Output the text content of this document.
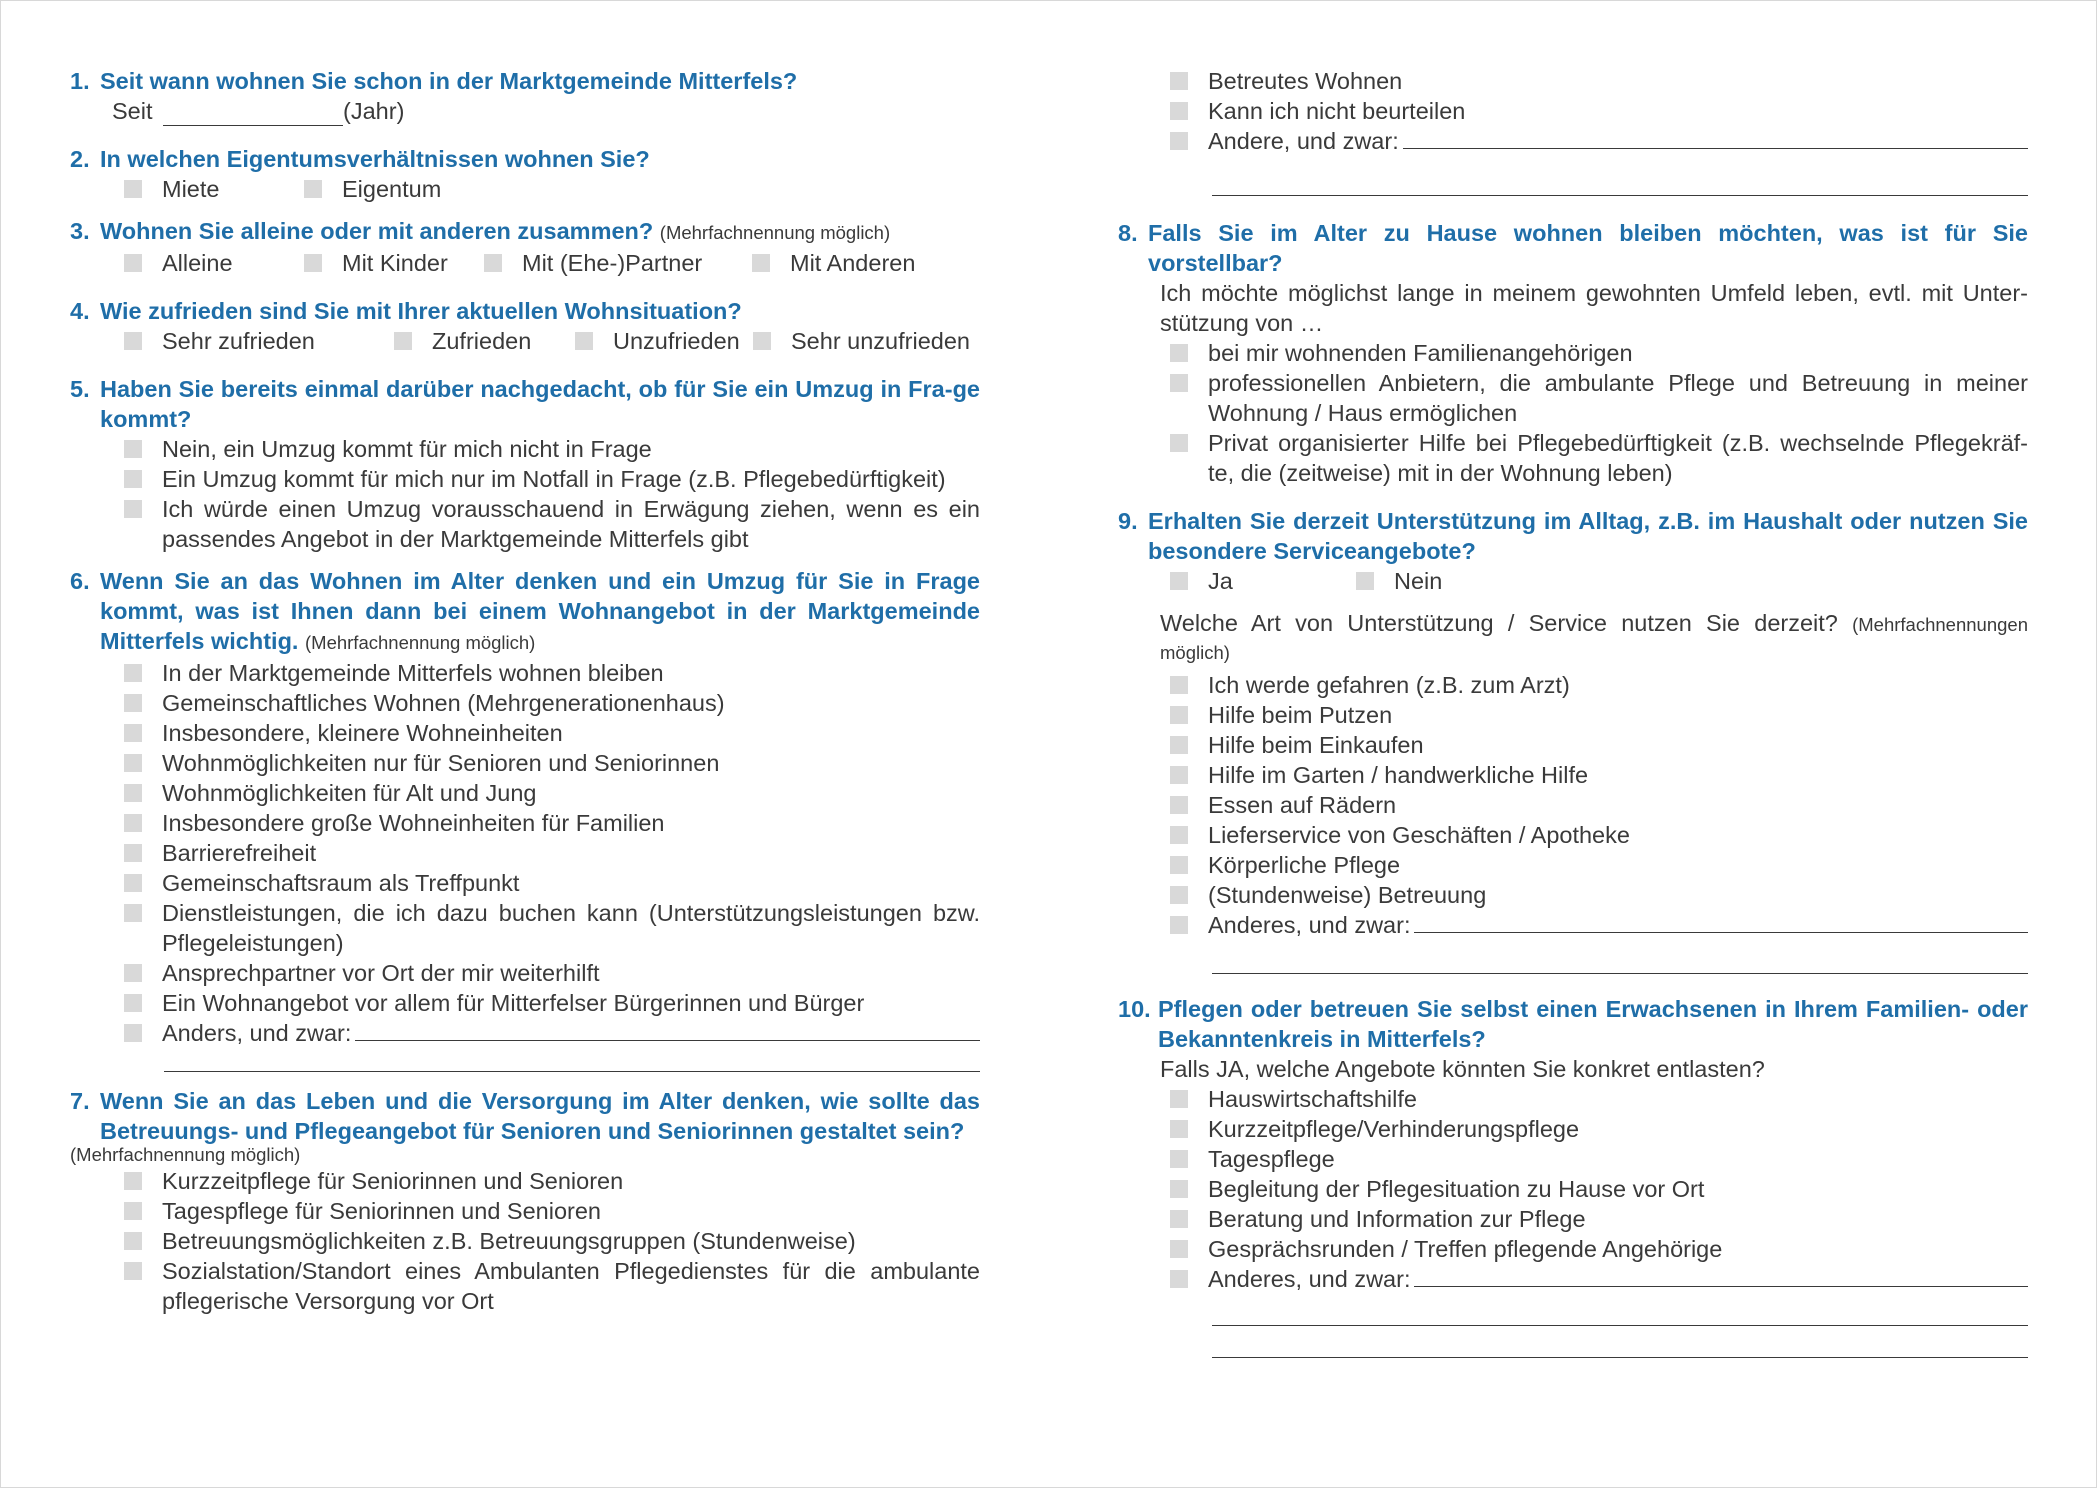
1. Seit wann wohnen Sie schon in der Marktgemeinde Mitterfels?
Seit	(Jahr)
2. In welchen Eigentumsverhältnissen wohnen Sie?
Miete	Eigentum
3. Wohnen Sie alleine oder mit anderen zusammen? (Mehrfachnennung möglich)
Alleine	Mit Kinder	Mit (Ehe-)Partner	Mit Anderen
4. Wie zufrieden sind Sie mit Ihrer aktuellen Wohnsituation?
Sehr zufrieden	Zufrieden	Unzufrieden Sehr unzufrieden
5. Haben Sie bereits einmal darüber nachgedacht, ob für Sie ein Umzug in Fra-ge kommt?
Nein, ein Umzug kommt für mich nicht in Frage
Ein Umzug kommt für mich nur im Notfall in Frage (z.B. Pflegebedürftigkeit)
Ich würde einen Umzug vorausschauend in Erwägung ziehen, wenn es ein passendes Angebot in der Marktgemeinde Mitterfels gibt
6. Wenn Sie an das Wohnen im Alter denken und ein Umzug für Sie in Frage kommt, was ist Ihnen dann bei einem Wohnangebot in der Marktgemeinde Mitterfels wichtig. (Mehrfachnennung möglich)
In der Marktgemeinde Mitterfels wohnen bleiben
Gemeinschaftliches Wohnen (Mehrgenerationenhaus)
Insbesondere, kleinere Wohneinheiten
Wohnmöglichkeiten nur für Senioren und Seniorinnen
Wohnmöglichkeiten für Alt und Jung
Insbesondere große Wohneinheiten für Familien
Barrierefreiheit
Gemeinschaftsraum als Treffpunkt
Dienstleistungen, die ich dazu buchen kann (Unterstützungsleistungen bzw. Pflegeleistungen)
Ansprechpartner vor Ort der mir weiterhilft
Ein Wohnangebot vor allem für Mitterfelser Bürgerinnen und Bürger
Anders, und zwar:
7. Wenn Sie an das Leben und die Versorgung im Alter denken, wie sollte das Betreuungs- und Pflegeangebot für Senioren und Seniorinnen gestaltet sein?
(Mehrfachnennung möglich)
Kurzzeitpflege für Seniorinnen und Senioren
Tagespflege für Seniorinnen und Senioren
Betreuungsmöglichkeiten z.B. Betreuungsgruppen (Stundenweise)
Sozialstation/Standort eines Ambulanten Pflegedienstes für die ambulante pflegerische Versorgung vor Ort
Betreutes Wohnen
Kann ich nicht beurteilen
Andere, und zwar:
8. Falls Sie im Alter zu Hause wohnen bleiben möchten, was ist für Sie vorstellbar?
Ich möchte möglichst lange in meinem gewohnten Umfeld leben, evtl. mit Unter-stützung von …
bei mir wohnenden Familienangehörigen
professionellen Anbietern, die ambulante Pflege und Betreuung in meiner Wohnung / Haus ermöglichen
Privat organisierter Hilfe bei Pflegebedürftigkeit (z.B. wechselnde Pflegekräf-te, die (zeitweise) mit in der Wohnung leben)
9. Erhalten Sie derzeit Unterstützung im Alltag, z.B. im Haushalt oder nutzen Sie besondere Serviceangebote?
Ja	Nein
Welche Art von Unterstützung / Service nutzen Sie derzeit? (Mehrfachnennungen möglich)
Ich werde gefahren (z.B. zum Arzt)
Hilfe beim Putzen
Hilfe beim Einkaufen
Hilfe im Garten / handwerkliche Hilfe
Essen auf Rädern
Lieferservice von Geschäften / Apotheke
Körperliche Pflege
(Stundenweise) Betreuung
Anderes, und zwar:
10. Pflegen oder betreuen Sie selbst einen Erwachsenen in Ihrem Familien- oder Bekanntenkreis in Mitterfels?
Falls JA, welche Angebote könnten Sie konkret entlasten?
Hauswirtschaftshilfe
Kurzzeitpflege/Verhinderungspflege
Tagespflege
Begleitung der Pflegesituation zu Hause vor Ort
Beratung und Information zur Pflege
Gesprächsrunden / Treffen pflegende Angehörige
Anderes, und zwar:
